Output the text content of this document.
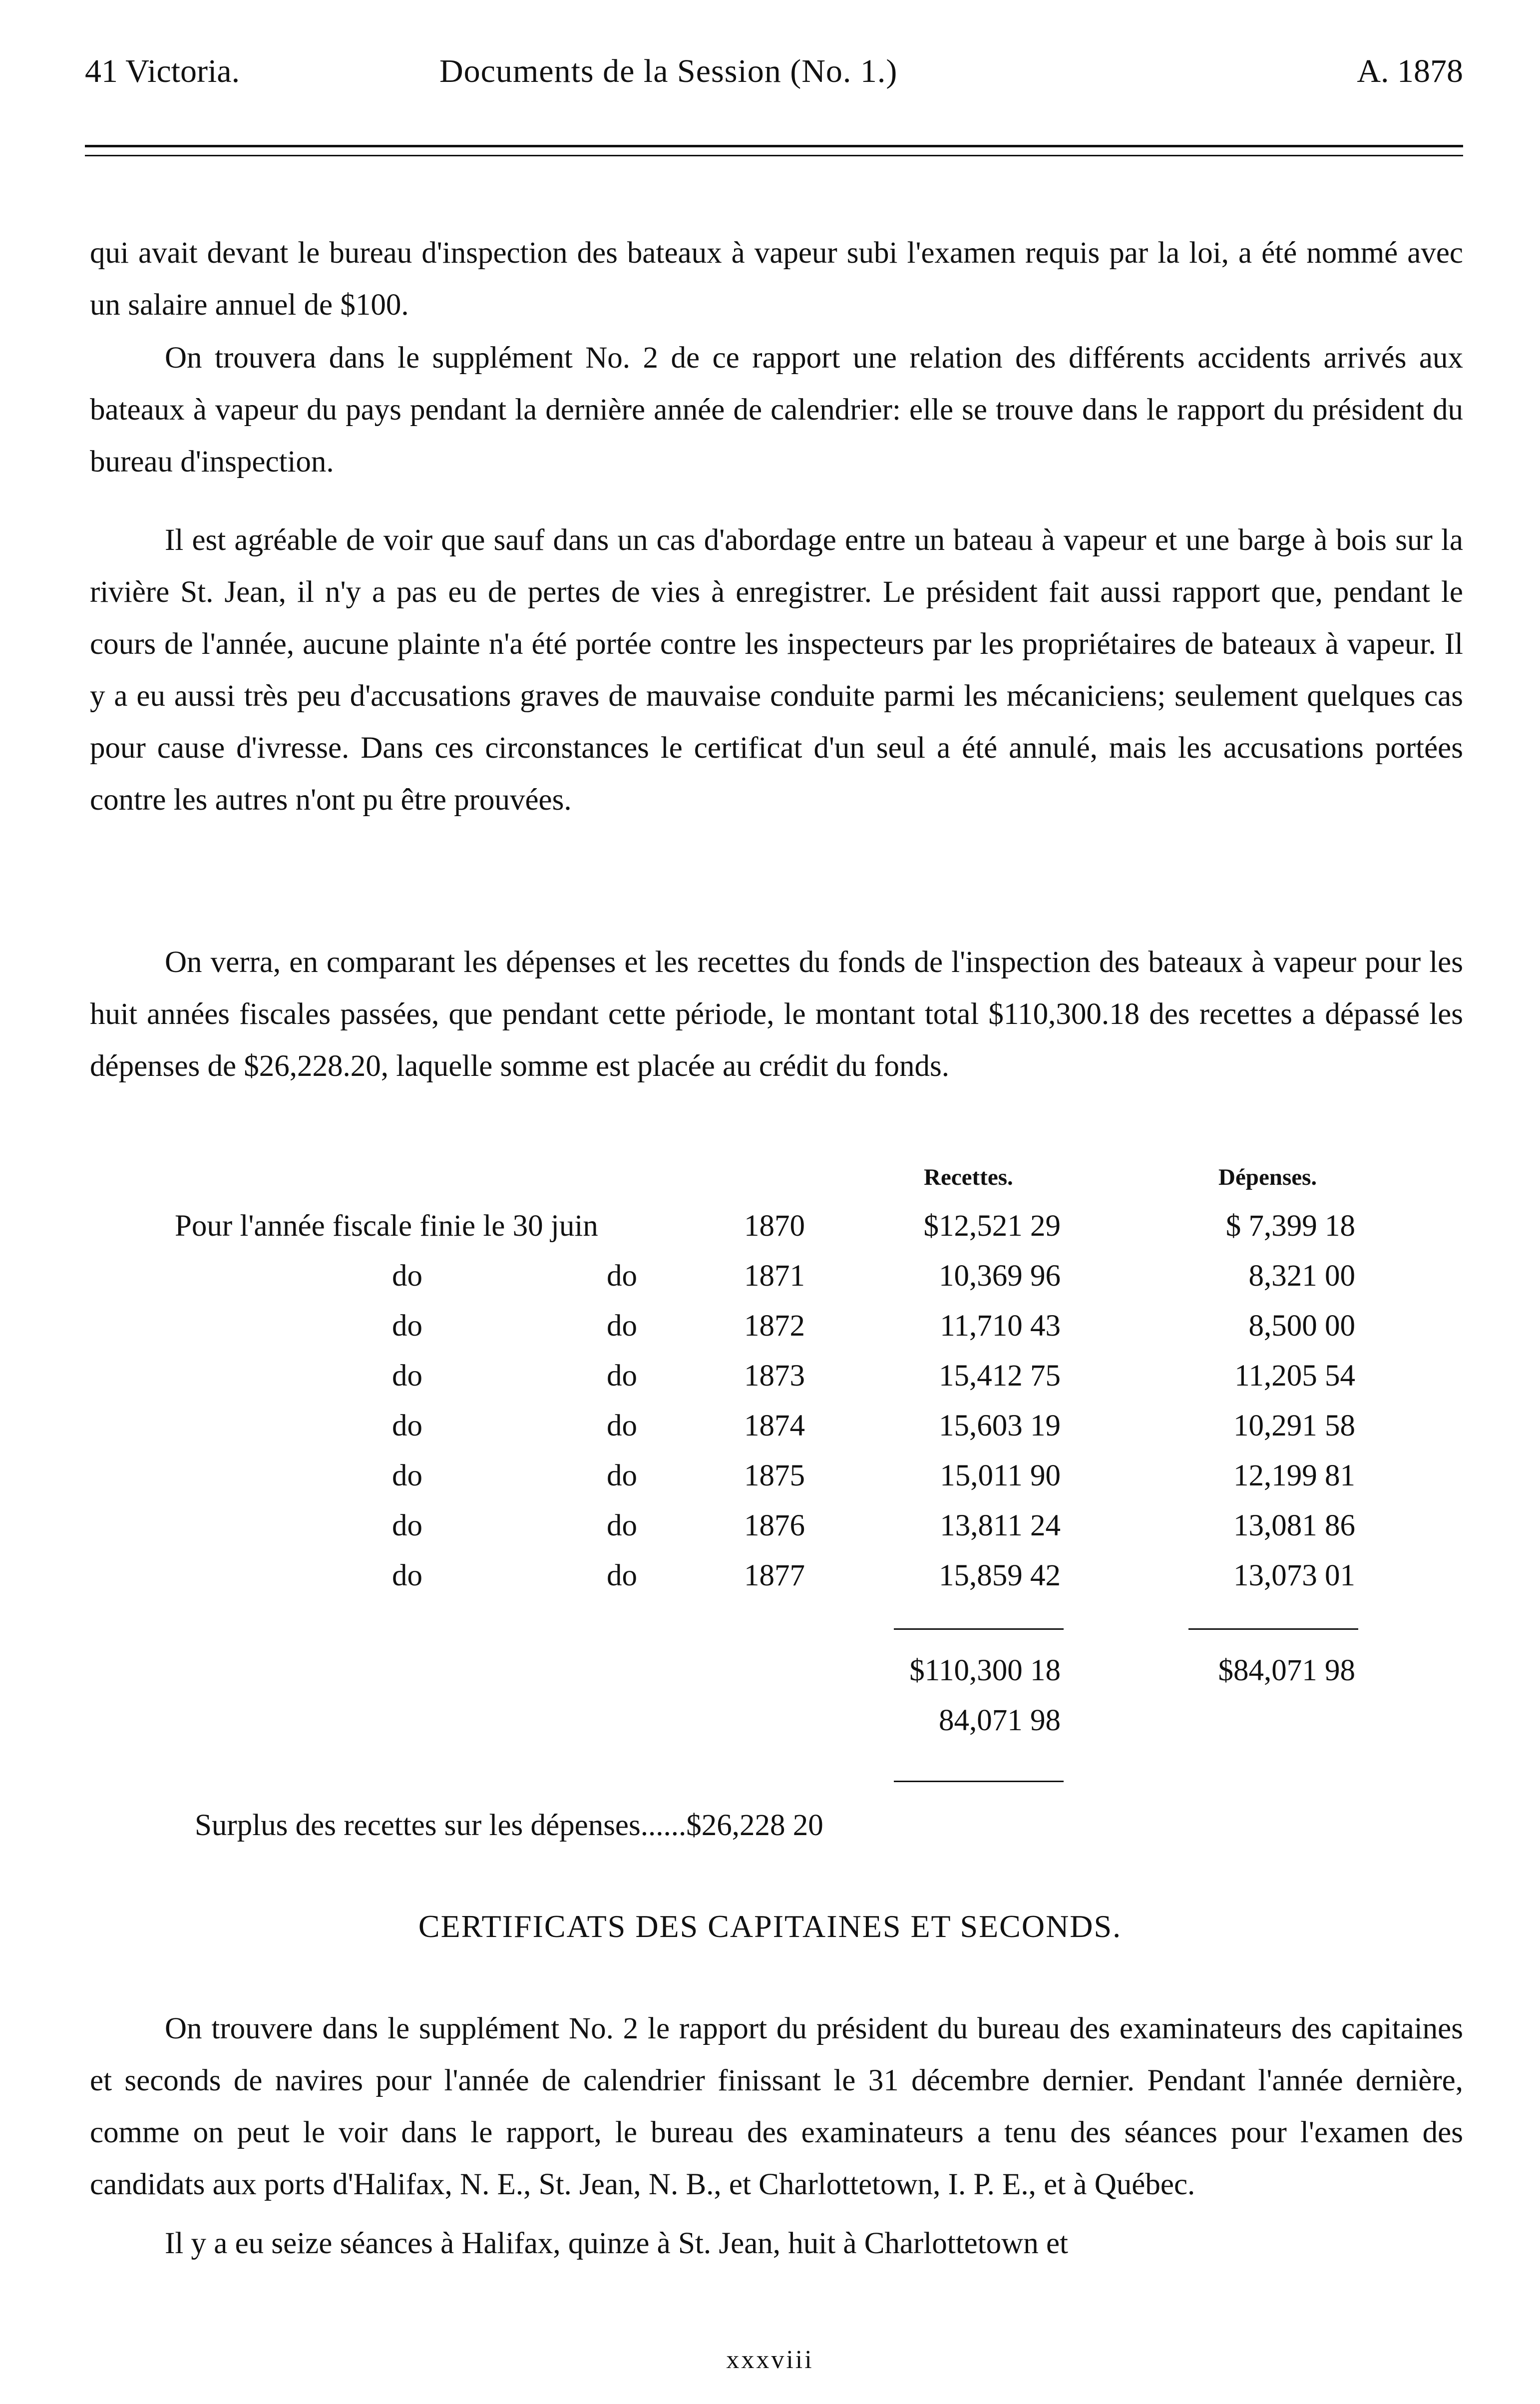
41 Victoria.	Documents de la Session (No. 1.)	A. 1878

qui avait devant le bureau d'inspection des bateaux à vapeur subi l'examen requis par la loi, a été nommé avec un salaire annuel de $100.

On trouvera dans le supplément No. 2 de ce rapport une relation des différents accidents arrivés aux bateaux à vapeur du pays pendant la dernière année de calendrier: elle se trouve dans le rapport du président du bureau d'inspection.

Il est agréable de voir que sauf dans un cas d'abordage entre un bateau à vapeur et une barge à bois sur la rivière St. Jean, il n'y a pas eu de pertes de vies à enregistrer. Le président fait aussi rapport que, pendant le cours de l'année, aucune plainte n'a été portée contre les inspecteurs par les propriétaires de bateaux à vapeur. Il y a eu aussi très peu d'accusations graves de mauvaise conduite parmi les mécaniciens; seulement quelques cas pour cause d'ivresse. Dans ces circonstances le certificat d'un seul a été annulé, mais les accusations portées contre les autres n'ont pu être prouvées.

On verra, en comparant les dépenses et les recettes du fonds de l'inspection des bateaux à vapeur pour les huit années fiscales passées, que pendant cette période, le montant total $110,300.18 des recettes a dépassé les dépenses de $26,228.20, laquelle somme est placée au crédit du fonds.

Recettes.	Dépenses.
Pour l'année fiscale finie le 30 juin	1870	$12,521 29	$ 7,399 18
do	do	1871	10,369 96	8,321 00
do	do	1872	11,710 43	8,500 00
do	do	1873	15,412 75	11,205 54
do	do	1874	15,603 19	10,291 58
do	do	1875	15,011 90	12,199 81
do	do	1876	13,811 24	13,081 86
do	do	1877	15,859 42	13,073 01
$110,300 18	$84,071 98
84,071 98
Surplus des recettes sur les dépenses......$26,228 20
CERTIFICATS DES CAPITAINES ET SECONDS.

On trouvere dans le supplément No. 2 le rapport du président du bureau des examinateurs des capitaines et seconds de navires pour l'année de calendrier finissant le 31 décembre dernier. Pendant l'année dernière, comme on peut le voir dans le rapport, le bureau des examinateurs a tenu des séances pour l'examen des candidats aux ports d'Halifax, N. E., St. Jean, N. B., et Charlottetown, I. P. E., et à Québec.

Il y a eu seize séances à Halifax, quinze à St. Jean, huit à Charlottetown et

xxxviii
